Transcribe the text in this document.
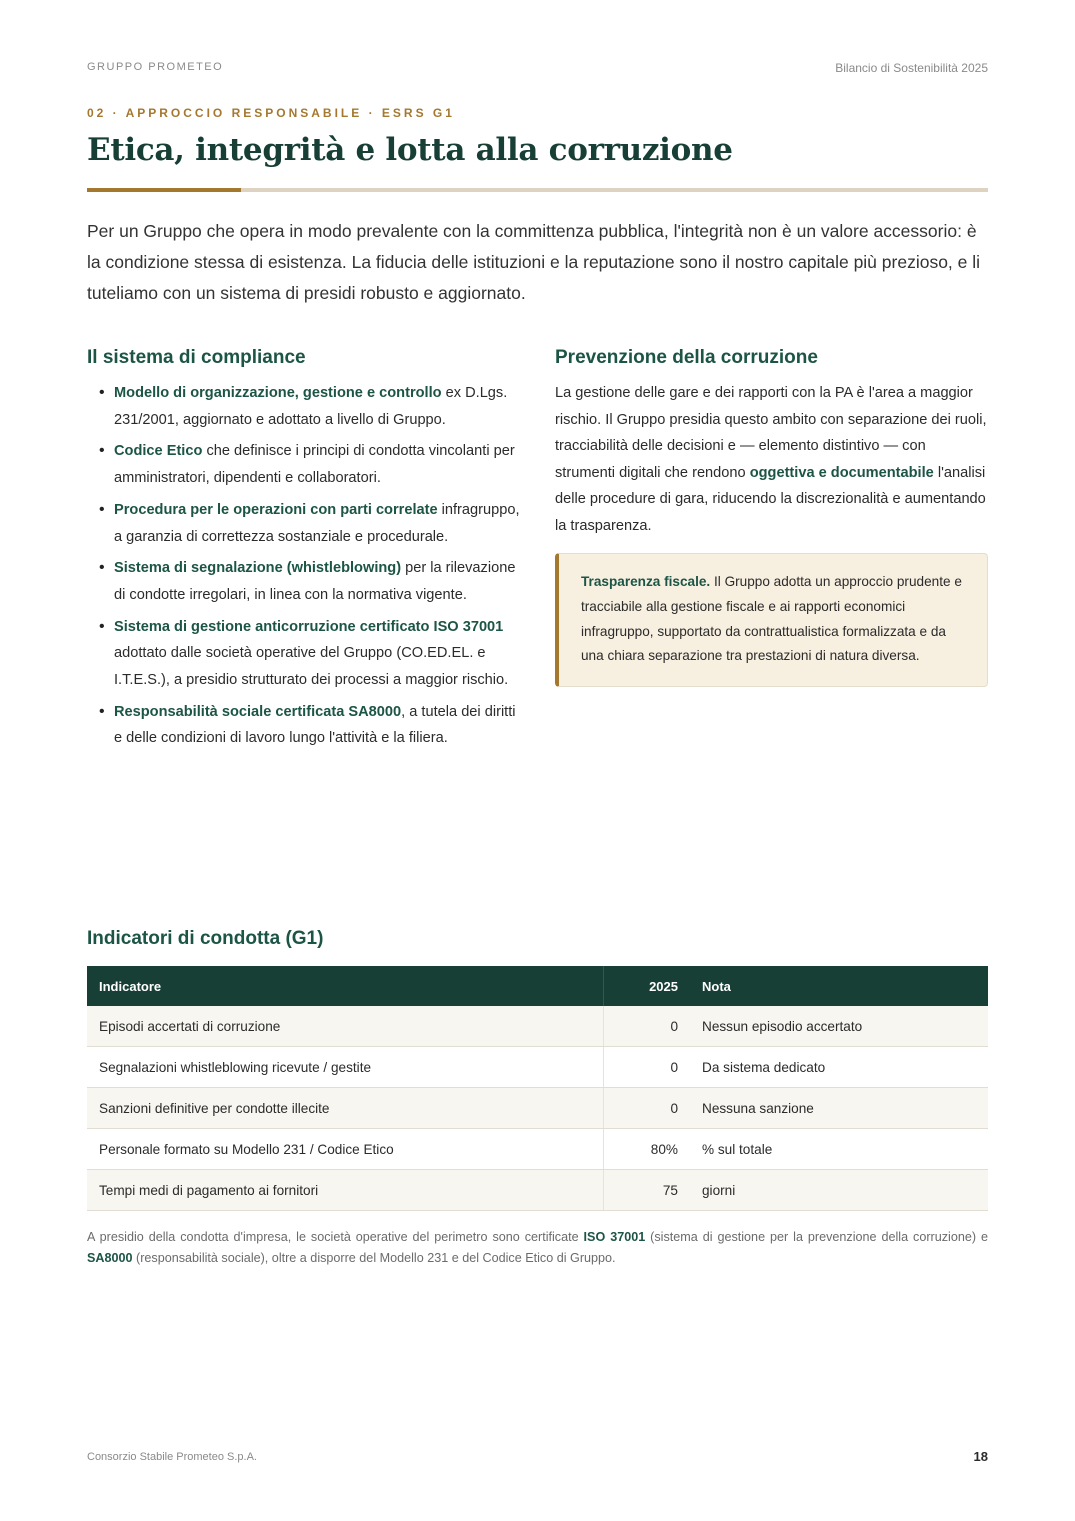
GRUPPO PROMETEO	Bilancio di Sostenibilità 2025
02 · APPROCCIO RESPONSABILE · ESRS G1
Etica, integrità e lotta alla corruzione

Per un Gruppo che opera in modo prevalente con la committenza pubblica, l'integrità non è un valore accessorio: è la condizione stessa di esistenza. La fiducia delle istituzioni e la reputazione sono il nostro capitale più prezioso, e li tuteliamo con un sistema di presidi robusto e aggiornato.

Il sistema di compliance
• Modello di organizzazione, gestione e controllo ex D.Lgs. 231/2001, aggiornato e adottato a livello di Gruppo.
• Codice Etico che definisce i principi di condotta vincolanti per amministratori, dipendenti e collaboratori.
• Procedura per le operazioni con parti correlate infragruppo, a garanzia di correttezza sostanziale e procedurale.
• Sistema di segnalazione (whistleblowing) per la rilevazione di condotte irregolari, in linea con la normativa vigente.
• Sistema di gestione anticorruzione certificato ISO 37001 adottato dalle società operative del Gruppo (CO.ED.EL. e I.T.E.S.), a presidio strutturato dei processi a maggior rischio.
• Responsabilità sociale certificata SA8000, a tutela dei diritti e delle condizioni di lavoro lungo l'attività e la filiera.
Prevenzione della corruzione

La gestione delle gare e dei rapporti con la PA è l'area a maggior rischio. Il Gruppo presidia questo ambito con separazione dei ruoli, tracciabilità delle decisioni e — elemento distintivo — con strumenti digitali che rendono oggettiva e documentabile l'analisi delle procedure di gara, riducendo la discrezionalità e aumentando la trasparenza.

Trasparenza fiscale. Il Gruppo adotta un approccio prudente e tracciabile alla gestione fiscale e ai rapporti economici infragruppo, supportato da contrattualistica formalizzata e da una chiara separazione tra prestazioni di natura diversa.
Indicatori di condotta (G1)
Indicatore	2025	Nota
Episodi accertati di corruzione	0	Nessun episodio accertato
Segnalazioni whistleblowing ricevute / gestite	0	Da sistema dedicato
Sanzioni definitive per condotte illecite	0	Nessuna sanzione
Personale formato su Modello 231 / Codice Etico	80%	% sul totale
Tempi medi di pagamento ai fornitori	75	giorni

A presidio della condotta d'impresa, le società operative del perimetro sono certificate ISO 37001 (sistema di gestione per la prevenzione della corruzione) e SA8000 (responsabilità sociale), oltre a disporre del Modello 231 e del Codice Etico di Gruppo.

Consorzio Stabile Prometeo S.p.A.	18
